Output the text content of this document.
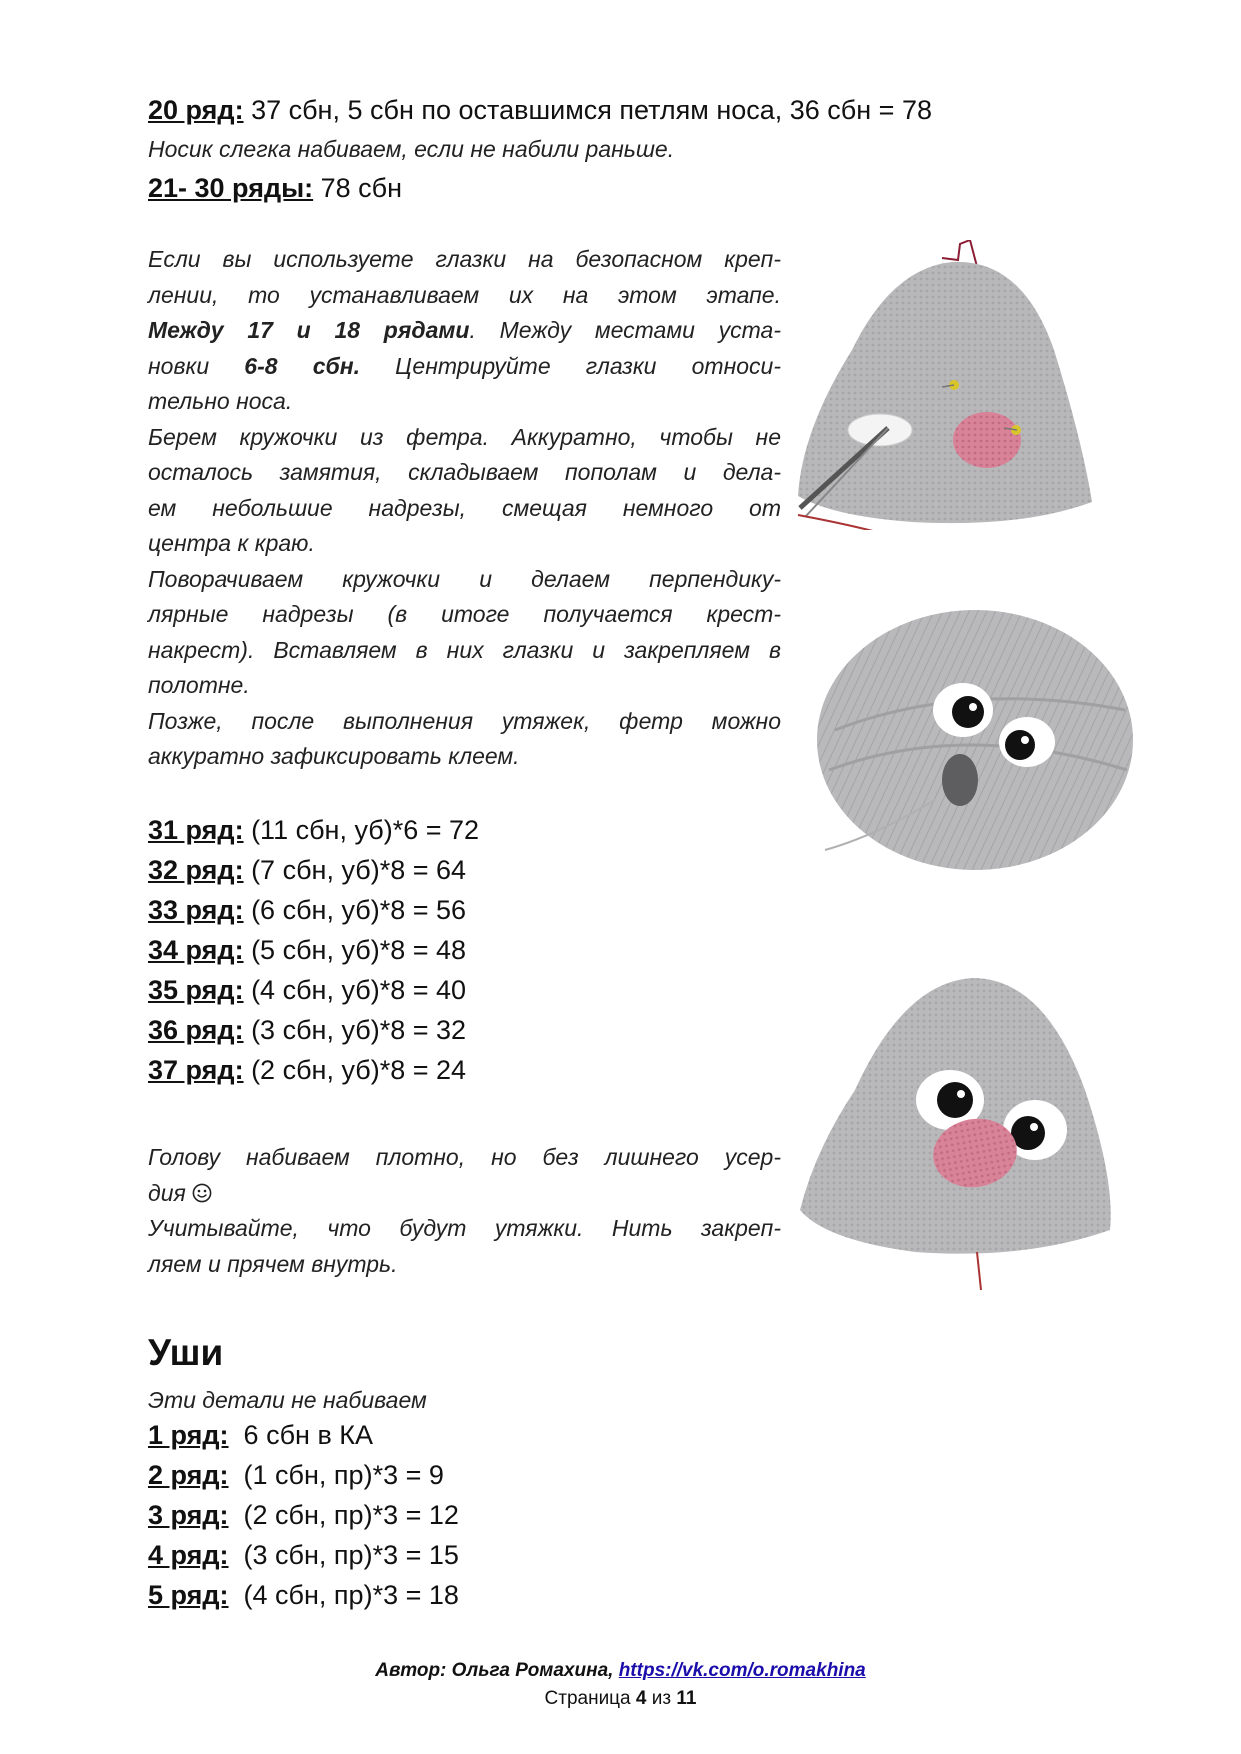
20 ряд: 37 сбн, 5 сбн по оставшимся петлям носа, 36 сбн = 78
Носик слегка набиваем, если не набили раньше.
21- 30 ряды: 78 сбн
Если вы используете глазки на безопасном креп-
лении, то устанавливаем их на этом этапе.
Между 17 и 18 рядами. Между местами уста-
новки 6-8 сбн. Центрируйте глазки относи-
тельно носа.
Берем кружочки из фетра. Аккуратно, чтобы не
осталось замятия, складываем пополам и дела-
ем небольшие надрезы, смещая немного от
центра к краю.
Поворачиваем кружочки и делаем перпендику-
лярные надрезы (в итоге получается крест-
накрест). Вставляем в них глазки и закрепляем в
полотне.
Позже, после выполнения утяжек, фетр можно
аккуратно зафиксировать клеем.
31 ряд: (11 сбн, уб)*6 = 72
32 ряд: (7 сбн, уб)*8 = 64
33 ряд: (6 сбн, уб)*8 = 56
34 ряд: (5 сбн, уб)*8 = 48
35 ряд: (4 сбн, уб)*8 = 40
36 ряд: (3 сбн, уб)*8 = 32
37 ряд: (2 сбн, уб)*8 = 24
Голову набиваем плотно, но без лишнего усер-
дия
Учитывайте, что будут утяжки. Нить закреп-
ляем и прячем внутрь.
Уши
Эти детали не набиваем
1 ряд:  6 сбн в КА
2 ряд:  (1 сбн, пр)*3 = 9
3 ряд:  (2 сбн, пр)*3 = 12
4 ряд:  (3 сбн, пр)*3 = 15
5 ряд:  (4 сбн, пр)*3 = 18
Автор: Ольга Ромахина, https://vk.com/o.romakhina
Страница 4 из 11
